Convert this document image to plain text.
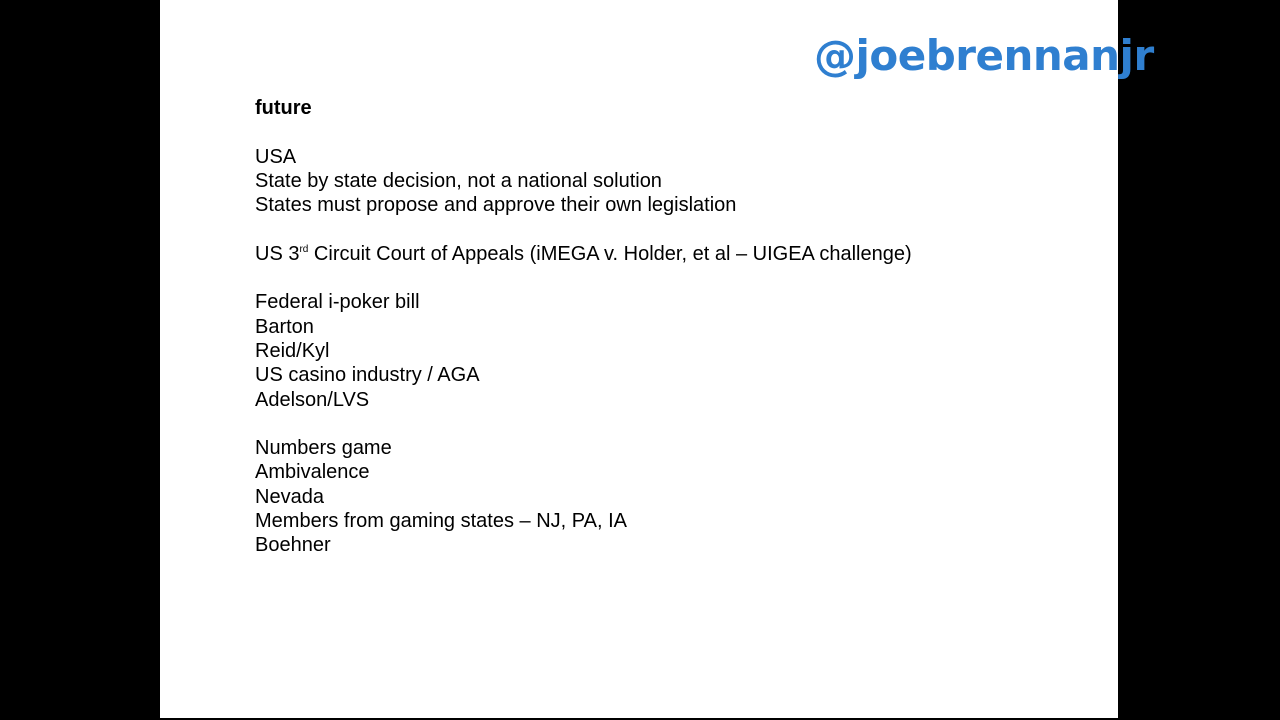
@joebrennanjr
future
USA
State by state decision, not a national solution
States must propose and approve their own legislation
US 3rd Circuit Court of Appeals (iMEGA v. Holder, et al – UIGEA challenge)
Federal i-poker bill
Barton
Reid/Kyl
US casino industry / AGA
Adelson/LVS
Numbers game
Ambivalence
Nevada
Members from gaming states – NJ, PA, IA
Boehner
